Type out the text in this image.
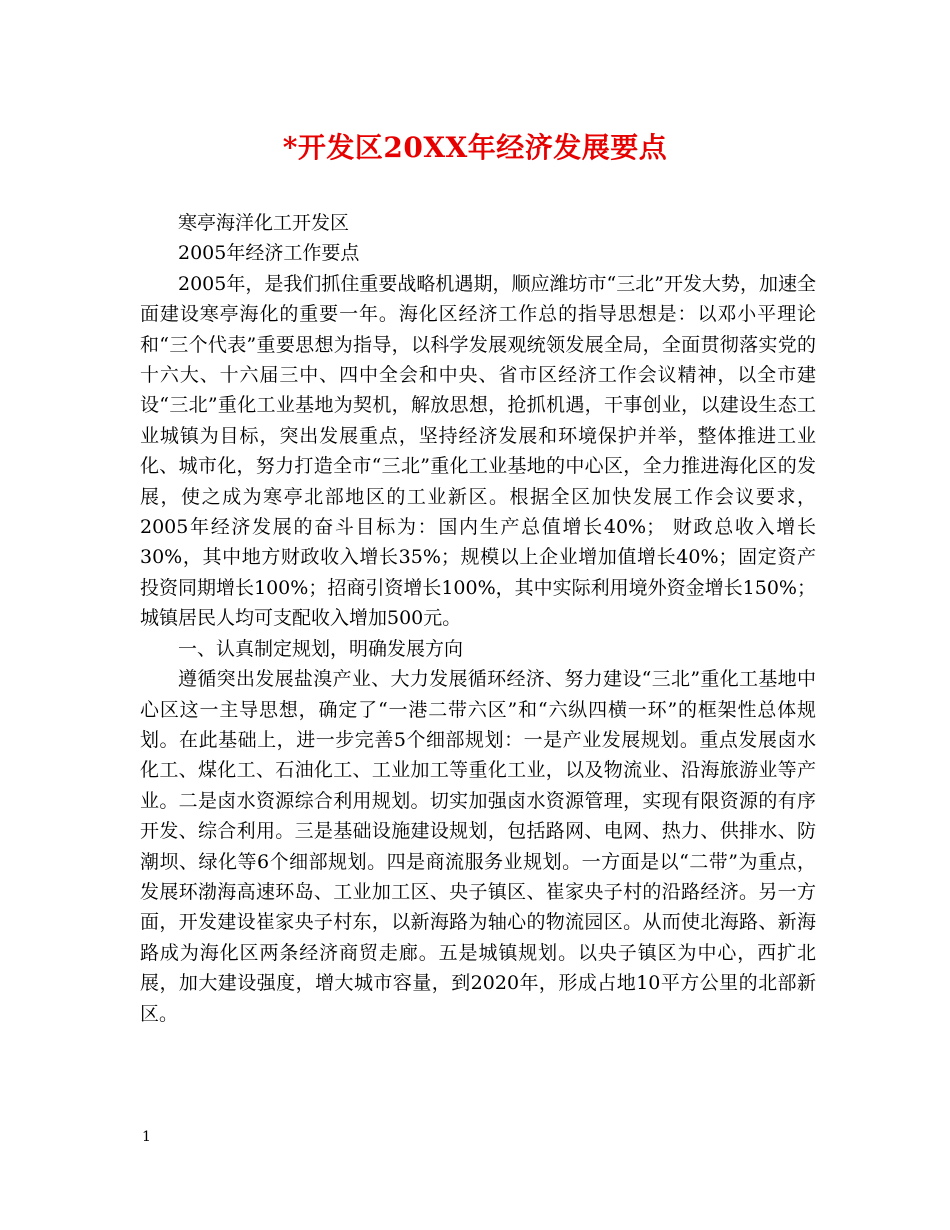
*开发区20XX年经济发展要点

寒亭海洋化工开发区

2005年经济工作要点

2005年，是我们抓住重要战略机遇期，顺应潍坊市“三北”开发大势，加速全面建设寒亭海化的重要一年。海化区经济工作总的指导思想是：以邓小平理论和“三个代表”重要思想为指导，以科学发展观统领发展全局，全面贯彻落实党的十六大、十六届三中、四中全会和中央、省市区经济工作会议精神，以全市建设“三北”重化工业基地为契机，解放思想，抢抓机遇，干事创业，以建设生态工业城镇为目标，突出发展重点，坚持经济发展和环境保护并举，整体推进工业化、城市化，努力打造全市“三北”重化工业基地的中心区，全力推进海化区的发展，使之成为寒亭北部地区的工业新区。根据全区加快发展工作会议要求， 2005年经济发展的奋斗目标为：国内生产总值增长40%； 财政总收入增长30%，其中地方财政收入增长35%；规模以上企业增加值增长40%；固定资产投资同期增长100%；招商引资增长100%，其中实际利用境外资金增长150%；城镇居民人均可支配收入增加500元。

一、认真制定规划，明确发展方向

遵循突出发展盐溴产业、大力发展循环经济、努力建设“三北”重化工基地中心区这一主导思想，确定了“一港二带六区”和“六纵四横一环”的框架性总体规划。在此基础上，进一步完善5个细部规划：一是产业发展规划。重点发展卤水化工、煤化工、石油化工、工业加工等重化工业，以及物流业、沿海旅游业等产业。二是卤水资源综合利用规划。切实加强卤水资源管理，实现有限资源的有序开发、综合利用。三是基础设施建设规划，包括路网、电网、热力、供排水、防潮坝、绿化等6个细部规划。四是商流服务业规划。一方面是以“二带”为重点，发展环渤海高速环岛、工业加工区、央子镇区、崔家央子村的沿路经济。另一方面，开发建设崔家央子村东，以新海路为轴心的物流园区。从而使北海路、新海路成为海化区两条经济商贸走廊。五是城镇规划。以央子镇区为中心，西扩北展，加大建设强度，增大城市容量，到2020年，形成占地10平方公里的北部新区。

1
